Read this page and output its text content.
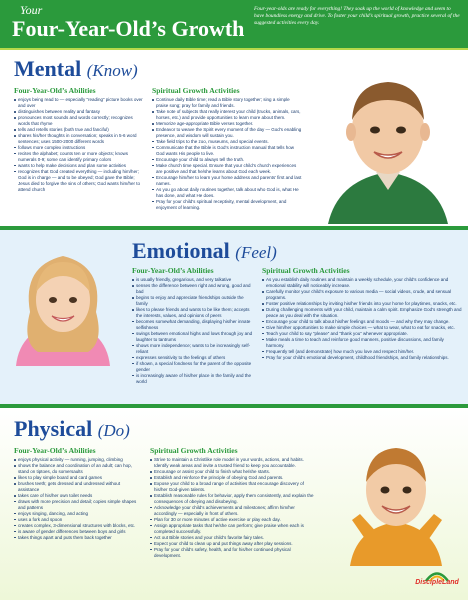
Your
Four-Year-Old’s Growth
Four-year-olds are ready for everything! They soak up the world of knowledge and seem to have boundless energy and drive. To foster your child’s spiritual growth, practice several of the suggested activities every day.
Mental (Know)
Four-Year-Old’s Abilities
enjoys being read to — especially “reading” picture books over and over
distinguishes between reality and fantasy
pronounces most sounds and words correctly; recognizes words that rhyme
tells and retells stories (both true and fanciful)
shares his/her thoughts in conversation; speaks in 5-6 word sentences; uses 1500-2000 different words
follows more complex instructions
recites the alphabet; counts ten or more objects; knows numerals 0-9; some can identify primary colors
wants to help make decisions and plan some activities
recognizes that God created everything — including him/her; God is in charge — and to be obeyed; God gave the Bible; Jesus died to forgive the sins of others; God wants him/her to attend church
Spiritual Growth Activities
Continue daily Bible time; read a Bible story together; sing a simple praise song; pray for family and friends.
Take note of subjects that really interest your child (trucks, animals, cars, horses, etc.) and provide opportunities to learn more about them.
Memorize age-appropriate Bible verses together.
Endeavor to weave the Spirit every moment of the day — God’s enabling presence, and wisdom will sustain you.
Take field trips to the zoo, museums, and special events.
Communicate that the Bible is God’s instruction manual that tells how God wants His people to live.
Encourage your child to always tell the truth.
Make church time special. Ensure that your child’s church experiences are positive and that he/she learns about God each week.
Encourage him/her to learn your home address and parents’ first and last names.
As you go about daily routines together, talk about who God is, what He has done, and what He does.
Pray for your child’s spiritual receptivity, mental development, and enjoyment of learning.
Emotional (Feel)
Four-Year-Old’s Abilities
is usually friendly, gregarious, and very talkative
senses the difference between right and wrong, good and bad
begins to enjoy and appreciate friendships outside the family
likes to please friends and wants to be like them; accepts the interests, values, and opinions of peers
becomes somewhat demanding, displaying his/her innate selfishness
swings between emotional highs and lows through joy and laughter to tantrums
shows more independence; wants to be increasingly self-reliant
expresses sensitivity to the feelings of others
if shown, a special fondness for the parent of the opposite gender
is increasingly aware of his/her place in the family and the world
Spiritual Growth Activities
As you establish daily routines and maintain a weekly schedule, your child’s confidence and emotional stability will noticeably increase.
Carefully monitor your child’s exposure to various media — social videos, crude, and sensual programs.
Foster positive relationships by inviting his/her friends into your home for playtimes, snacks, etc.
During challenging moments with your child, maintain a calm spirit. Emphasize God’s strength and peace as you deal with the situation.
Encourage your child to talk about his/her feelings and moods — and why they may change.
Give him/her opportunities to make simple choices — what to wear, what to eat for snacks, etc.
Teach your child to say “please” and “thank you” whenever appropriate.
Make meals a time to teach and reinforce good manners, positive discussions, and family harmony.
Frequently tell (and demonstrate) how much you love and respect him/her.
Pray for your child’s emotional development, childhood friendships, and family relationships.
Physical (Do)
Four-Year-Old’s Abilities
enjoys physical activity — running, jumping, climbing
shows the balance and coordination of an adult; can hop, stand on tiptoes, do somersaults
likes to play simple board and card games
brushes teeth; gets dressed and undressed without assistance
takes care of his/her own toilet needs
draws with more precision and detail; copies simple shapes and patterns
enjoys singing, dancing, and acting
uses a fork and spoon
creates complex, 3-dimensional structures with blocks, etc.
is aware of gender differences between boys and girls
takes things apart and puts them back together
Spiritual Growth Activities
Strive to maintain a Christlike role model in your words, actions, and habits. Identify weak areas and invite a trusted friend to keep you accountable.
Encourage or assist your child to finish what he/she starts.
Establish and reinforce the principle of obeying God and parents.
Expose your child to a broad range of activities that encourage discovery of his/her God-given talents.
Establish reasonable rules for behavior, apply them consistently, and explain the consequences of obeying and disobeying.
Acknowledge your child’s achievements and milestones; affirm him/her accordingly — especially in front of others.
Plan for 30 or more minutes of active exercise or play each day.
Assign appropriate tasks that he/she can perform; give praise when each is completed successfully.
Act out Bible stories and your child’s favorite fairy tales.
Expect your child to clean up and put things away after play sessions.
Pray for your child’s safety, health, and for his/her continued physical development.
DiscipleLand
